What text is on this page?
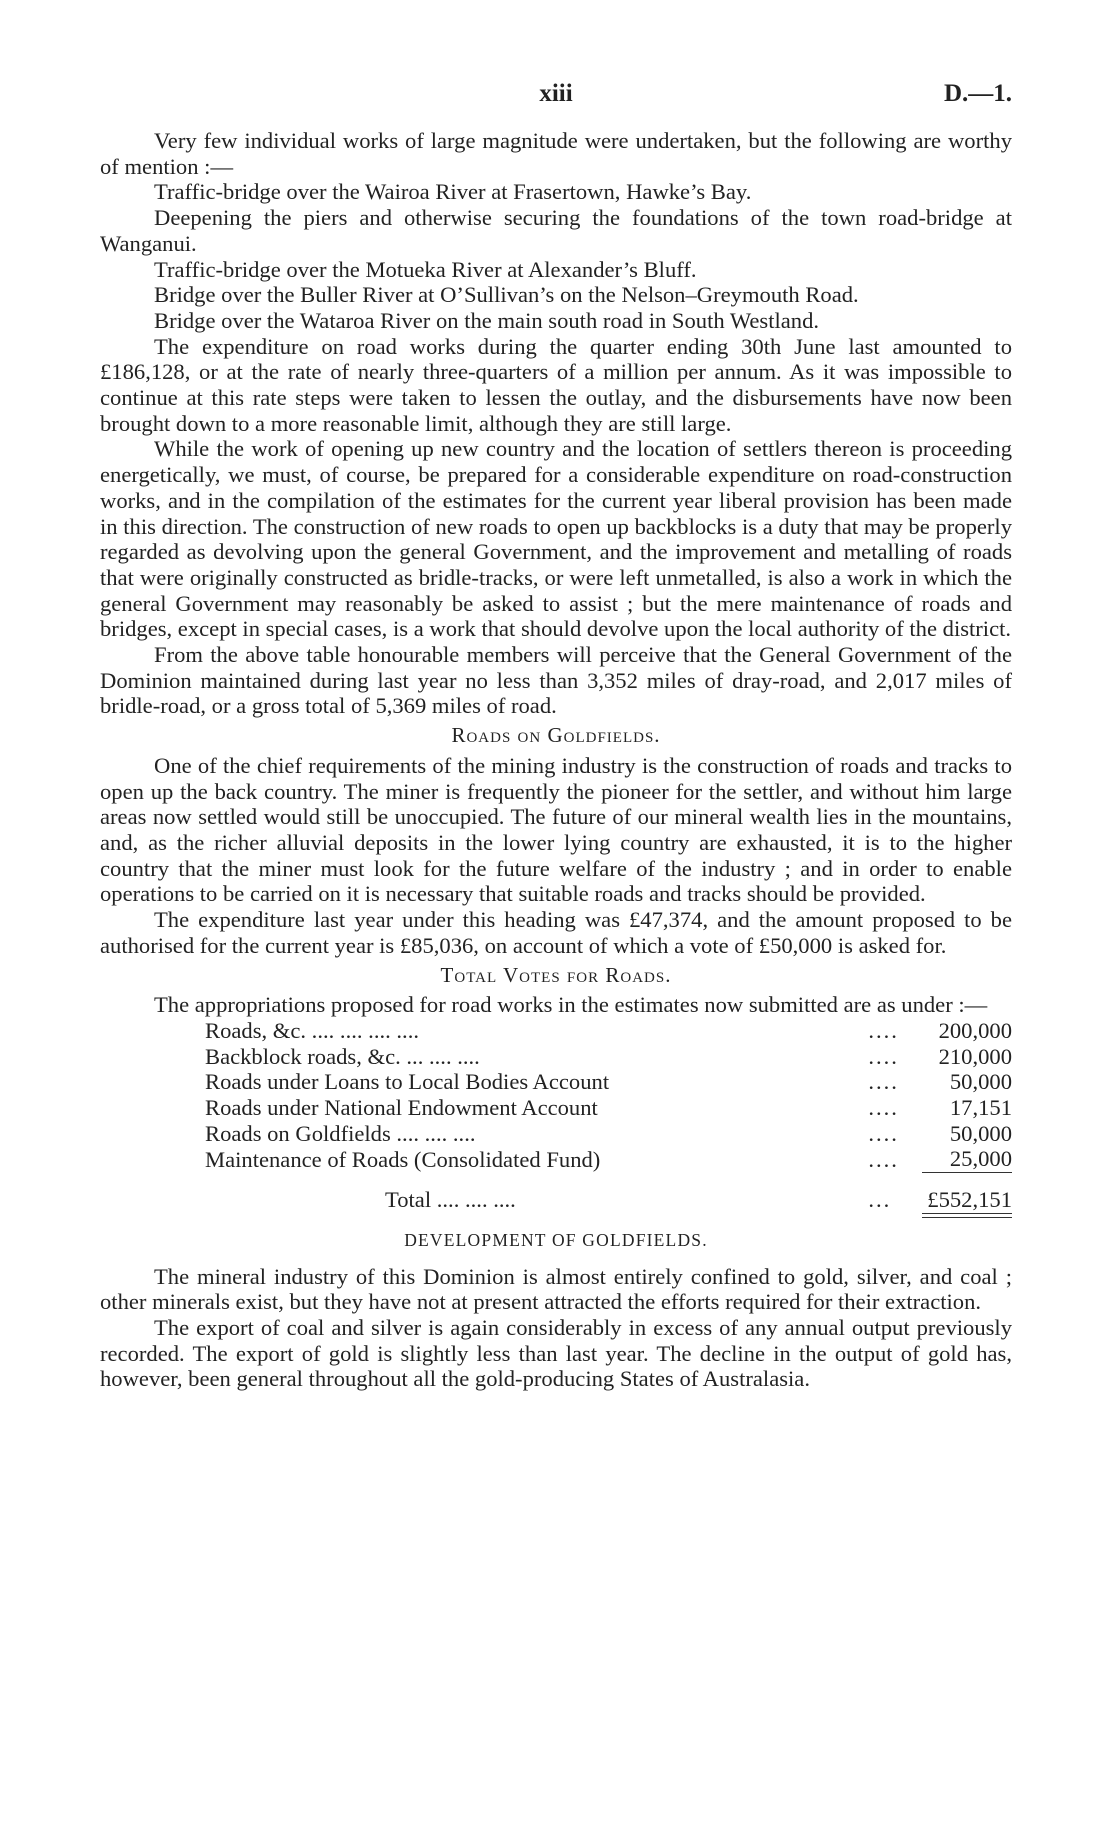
xiii	D.—1.

Very few individual works of large magnitude were undertaken, but the following are worthy of mention :—

Traffic-bridge over the Wairoa River at Frasertown, Hawke’s Bay.

Deepening the piers and otherwise securing the foundations of the town road-bridge at Wanganui.

Traffic-bridge over the Motueka River at Alexander’s Bluff.

Bridge over the Buller River at O’Sullivan’s on the Nelson–Greymouth Road.

Bridge over the Wataroa River on the main south road in South Westland.

The expenditure on road works during the quarter ending 30th June last amounted to £186,128, or at the rate of nearly three-quarters of a million per annum. As it was impossible to continue at this rate steps were taken to lessen the outlay, and the disbursements have now been brought down to a more reasonable limit, although they are still large.

While the work of opening up new country and the location of settlers thereon is proceeding energetically, we must, of course, be prepared for a considerable expenditure on road-construction works, and in the compilation of the estimates for the current year liberal provision has been made in this direction. The construction of new roads to open up backblocks is a duty that may be properly regarded as devolving upon the general Government, and the improvement and metalling of roads that were originally constructed as bridle-tracks, or were left unmetalled, is also a work in which the general Government may reasonably be asked to assist ; but the mere maintenance of roads and bridges, except in special cases, is a work that should devolve upon the local authority of the district.

From the above table honourable members will perceive that the General Government of the Dominion maintained during last year no less than 3,352 miles of dray-road, and 2,017 miles of bridle-road, or a gross total of 5,369 miles of road.

Roads on Goldfields.

One of the chief requirements of the mining industry is the construction of roads and tracks to open up the back country. The miner is frequently the pioneer for the settler, and without him large areas now settled would still be unoccupied. The future of our mineral wealth lies in the mountains, and, as the richer alluvial deposits in the lower lying country are exhausted, it is to the higher country that the miner must look for the future welfare of the industry ; and in order to enable operations to be carried on it is necessary that suitable roads and tracks should be provided.

The expenditure last year under this heading was £47,374, and the amount proposed to be authorised for the current year is £85,036, on account of which a vote of £50,000 is asked for.

Total Votes for Roads.

The appropriations proposed for road works in the estimates now submitted are as under :—

Roads, &c. .... .... .... ....	....	200,000
Backblock roads, &c. ... .... ....	....	210,000
Roads under Loans to Local Bodies Account	....	50,000
Roads under National Endowment Account	....	17,151
Roads on Goldfields .... .... ....	....	50,000
Maintenance of Roads (Consolidated Fund)	....	25,000

Total .... .... ....	...	£552,151

DEVELOPMENT OF GOLDFIELDS.

The mineral industry of this Dominion is almost entirely confined to gold, silver, and coal ; other minerals exist, but they have not at present attracted the efforts required for their extraction.

The export of coal and silver is again considerably in excess of any annual output previously recorded. The export of gold is slightly less than last year. The decline in the output of gold has, however, been general throughout all the gold-producing States of Australasia.
